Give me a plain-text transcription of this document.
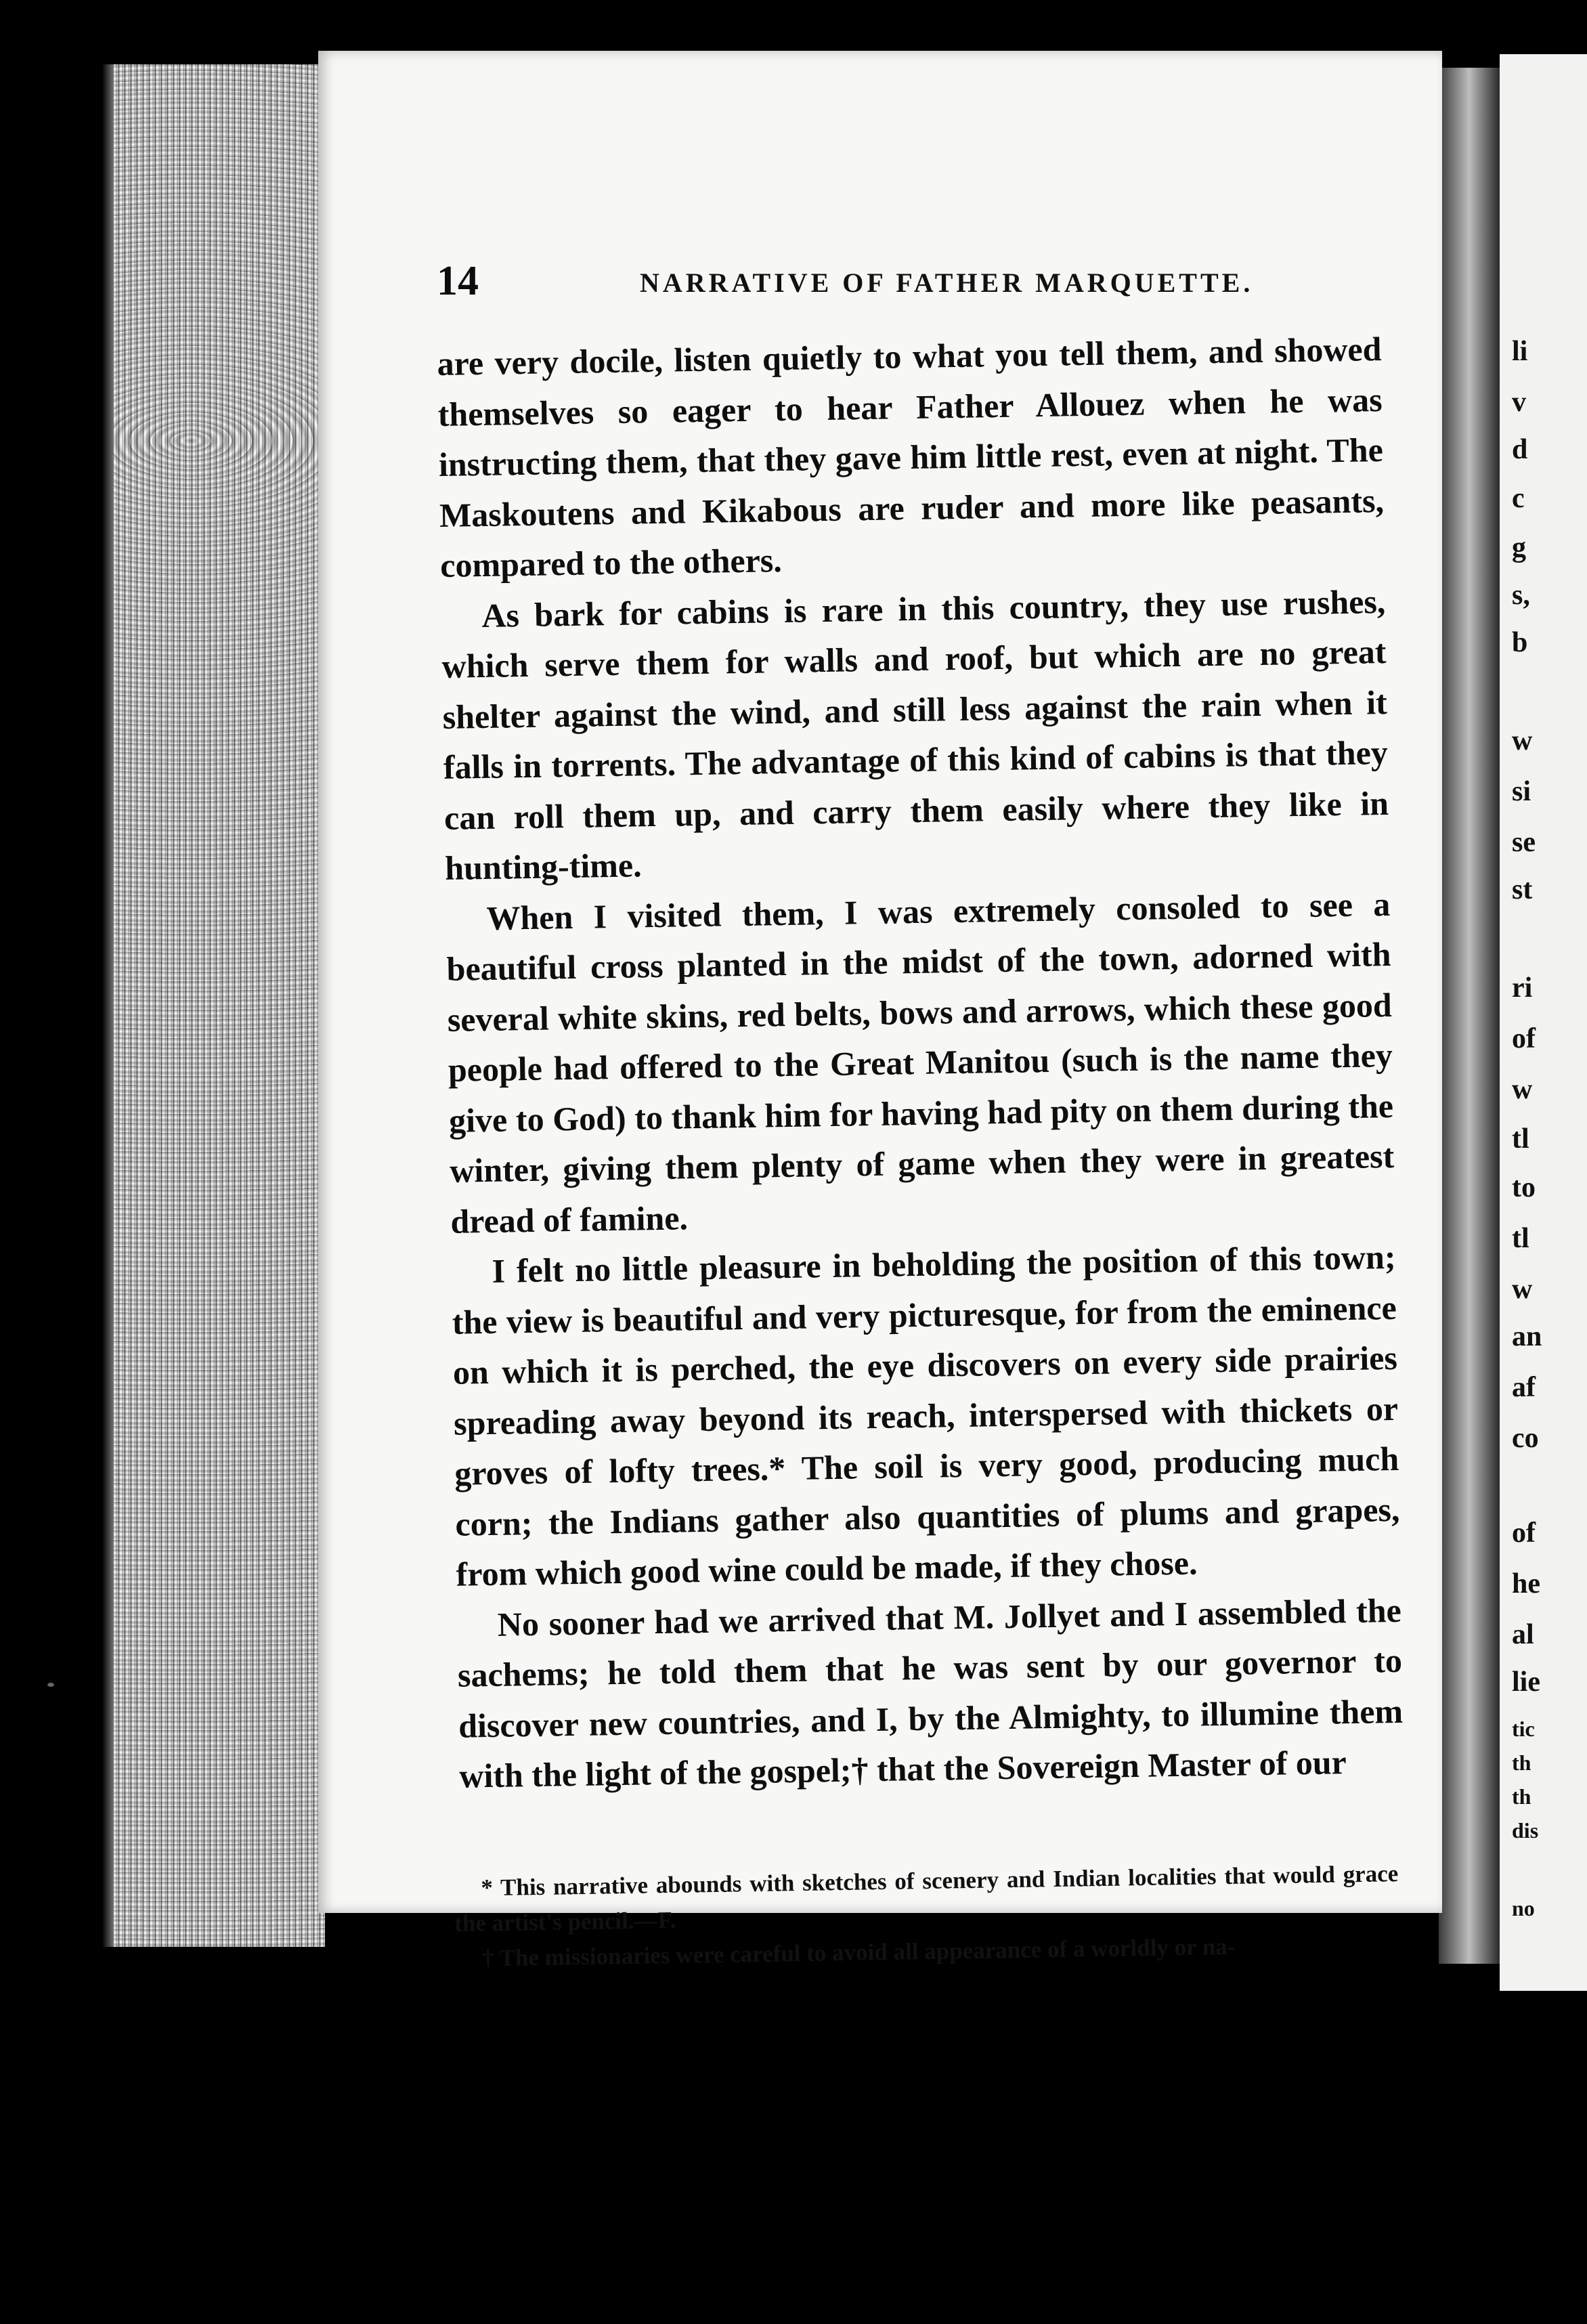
li
v
d
c
g
s,
b
w
si
se
st
ri
of
w
tl
to
tl
w
an
af
co
of
he
al
lie
tic
th
th
dis
no
14	NARRATIVE OF FATHER MARQUETTE.

are very docile, listen quietly to what you tell them, and showed themselves so eager to hear Father Allouez when he was instructing them, that they gave him little rest, even at night. The Maskoutens and Kikabous are ruder and more like peasants, compared to the others.

As bark for cabins is rare in this country, they use rushes, which serve them for walls and roof, but which are no great shelter against the wind, and still less against the rain when it falls in torrents. The advantage of this kind of cabins is that they can roll them up, and carry them easily where they like in hunting-time.

When I visited them, I was extremely consoled to see a beautiful cross planted in the midst of the town, adorned with several white skins, red belts, bows and arrows, which these good people had offered to the Great Manitou (such is the name they give to God) to thank him for having had pity on them during the winter, giving them plenty of game when they were in greatest dread of famine.

I felt no little pleasure in beholding the position of this town; the view is beautiful and very picturesque, for from the eminence on which it is perched, the eye discovers on every side prairies spreading away beyond its reach, interspersed with thickets or groves of lofty trees.* The soil is very good, producing much corn; the Indians gather also quantities of plums and grapes, from which good wine could be made, if they chose.

No sooner had we arrived that M. Jollyet and I assembled the sachems; he told them that he was sent by our governor to discover new countries, and I, by the Almighty, to illumine them with the light of the gospel;† that the Sovereign Master of our

* This narrative abounds with sketches of scenery and Indian localities that would grace the artist's pencil.—F.

† The missionaries were careful to avoid all appearance of a worldly or na-
